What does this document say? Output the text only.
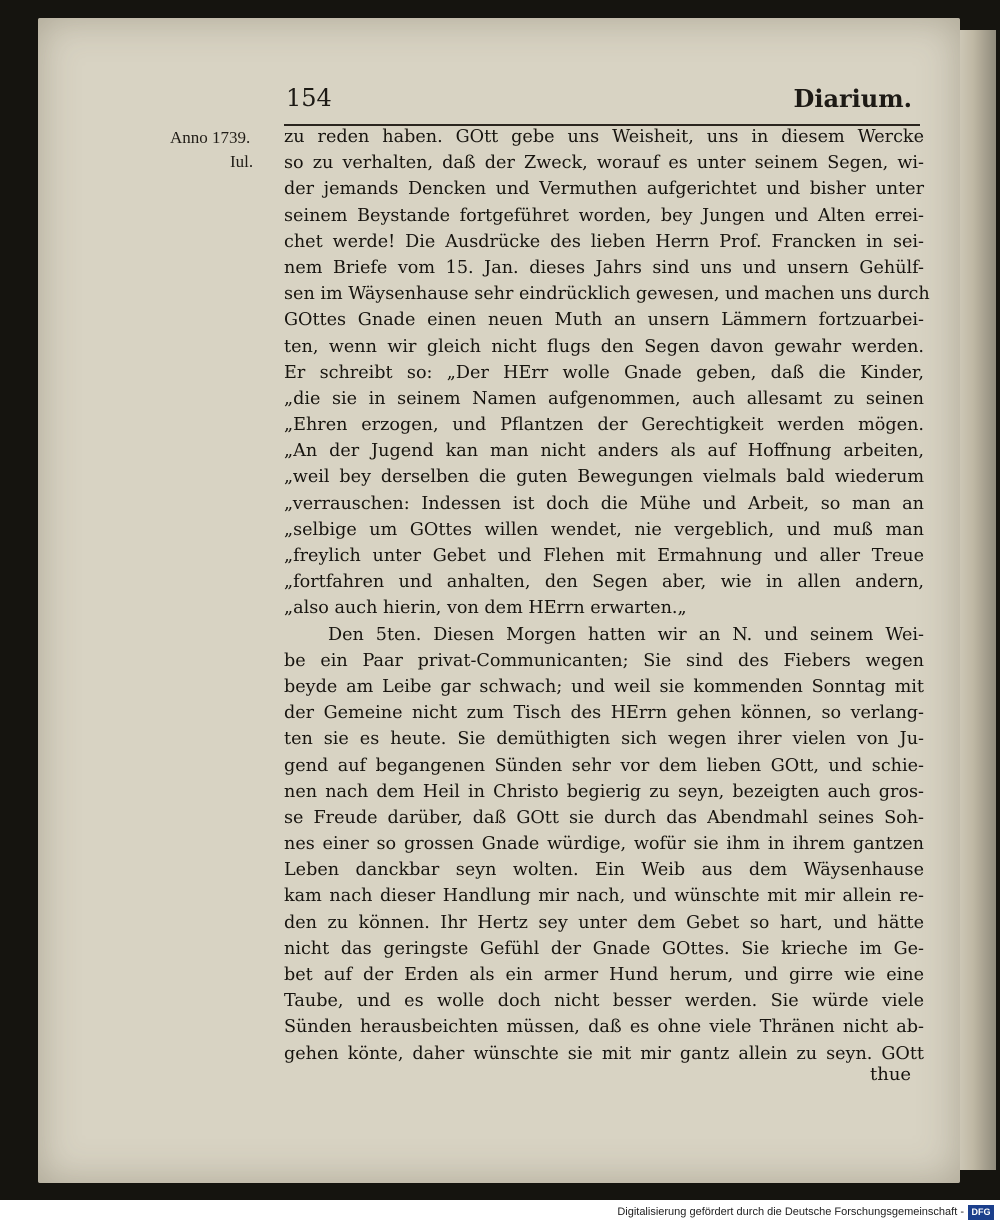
154	Diarium.
Anno 1739.
Iul.
zu reden haben. GOtt gebe uns Weisheit, uns in diesem Wercke
so zu verhalten, daß der Zweck, worauf es unter seinem Segen, wi-
der jemands Dencken und Vermuthen aufgerichtet und bisher unter
seinem Beystande fortgeführet worden, bey Jungen und Alten errei-
chet werde! Die Ausdrücke des lieben Herrn Prof. Francken in sei-
nem Briefe vom 15. Jan. dieses Jahrs sind uns und unsern Gehülf-
sen im Wäysenhause sehr eindrücklich gewesen, und machen uns durch
GOttes Gnade einen neuen Muth an unsern Lämmern fortzuarbei-
ten, wenn wir gleich nicht flugs den Segen davon gewahr werden.
Er schreibt so: „Der HErr wolle Gnade geben, daß die Kinder,
„die sie in seinem Namen aufgenommen, auch allesamt zu seinen
„Ehren erzogen, und Pflantzen der Gerechtigkeit werden mögen.
„An der Jugend kan man nicht anders als auf Hoffnung arbeiten,
„weil bey derselben die guten Bewegungen vielmals bald wiederum
„verrauschen: Indessen ist doch die Mühe und Arbeit, so man an
„selbige um GOttes willen wendet, nie vergeblich, und muß man
„freylich unter Gebet und Flehen mit Ermahnung und aller Treue
„fortfahren und anhalten, den Segen aber, wie in allen andern,
„also auch hierin, von dem HErrn erwarten.„
Den 5ten. Diesen Morgen hatten wir an N. und seinem Wei-
be ein Paar privat-Communicanten; Sie sind des Fiebers wegen
beyde am Leibe gar schwach; und weil sie kommenden Sonntag mit
der Gemeine nicht zum Tisch des HErrn gehen können, so verlang-
ten sie es heute. Sie demüthigten sich wegen ihrer vielen von Ju-
gend auf begangenen Sünden sehr vor dem lieben GOtt, und schie-
nen nach dem Heil in Christo begierig zu seyn, bezeigten auch gros-
se Freude darüber, daß GOtt sie durch das Abendmahl seines Soh-
nes einer so grossen Gnade würdige, wofür sie ihm in ihrem gantzen
Leben danckbar seyn wolten. Ein Weib aus dem Wäysenhause
kam nach dieser Handlung mir nach, und wünschte mit mir allein re-
den zu können. Ihr Hertz sey unter dem Gebet so hart, und hätte
nicht das geringste Gefühl der Gnade GOttes. Sie krieche im Ge-
bet auf der Erden als ein armer Hund herum, und girre wie eine
Taube, und es wolle doch nicht besser werden. Sie würde viele
Sünden herausbeichten müssen, daß es ohne viele Thränen nicht ab-
gehen könte, daher wünschte sie mit mir gantz allein zu seyn. GOtt
thue
Digitalisierung gefördert durch die Deutsche Forschungsgemeinschaft - DFG
